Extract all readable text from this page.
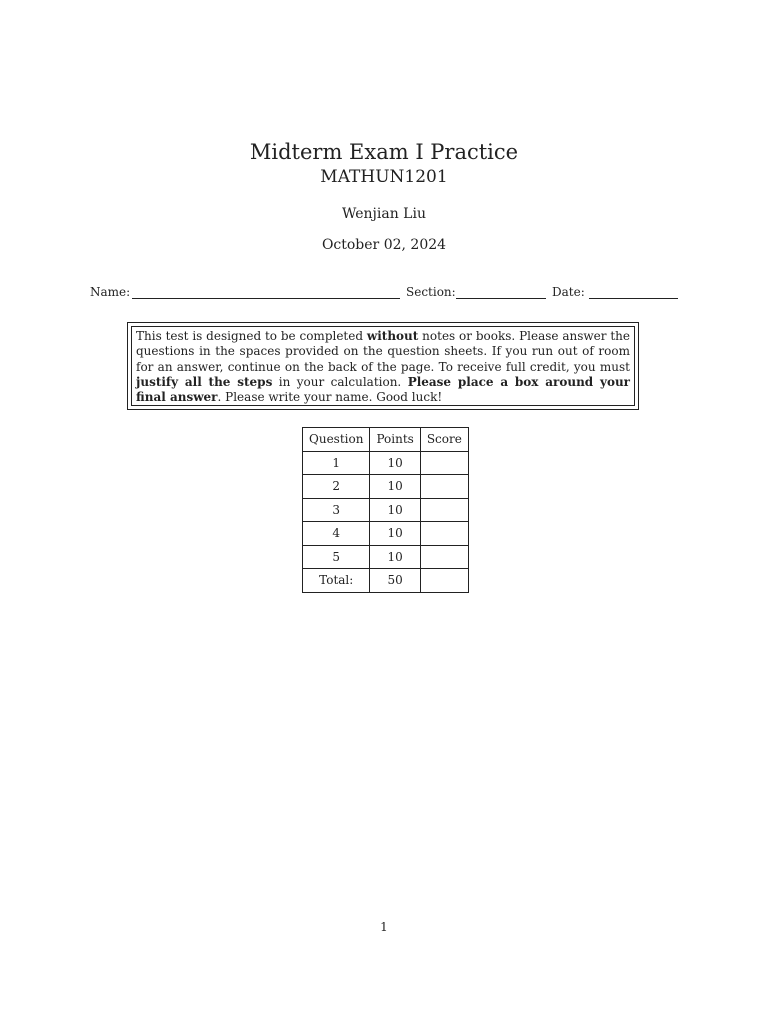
Midterm Exam I Practice
MATHUN1201
Wenjian Liu
October 02, 2024
Name:	Section:	Date:
This test is designed to be completed without notes or books. Please answer the questions in the spaces provided on the question sheets. If you run out of room for an answer, continue on the back of the page. To receive full credit, you must justify all the steps in your calculation. Please place a box around your final answer. Please write your name. Good luck!
Question	Points	Score
1	10	
2	10	
3	10	
4	10	
5	10	
Total:	50	
1
